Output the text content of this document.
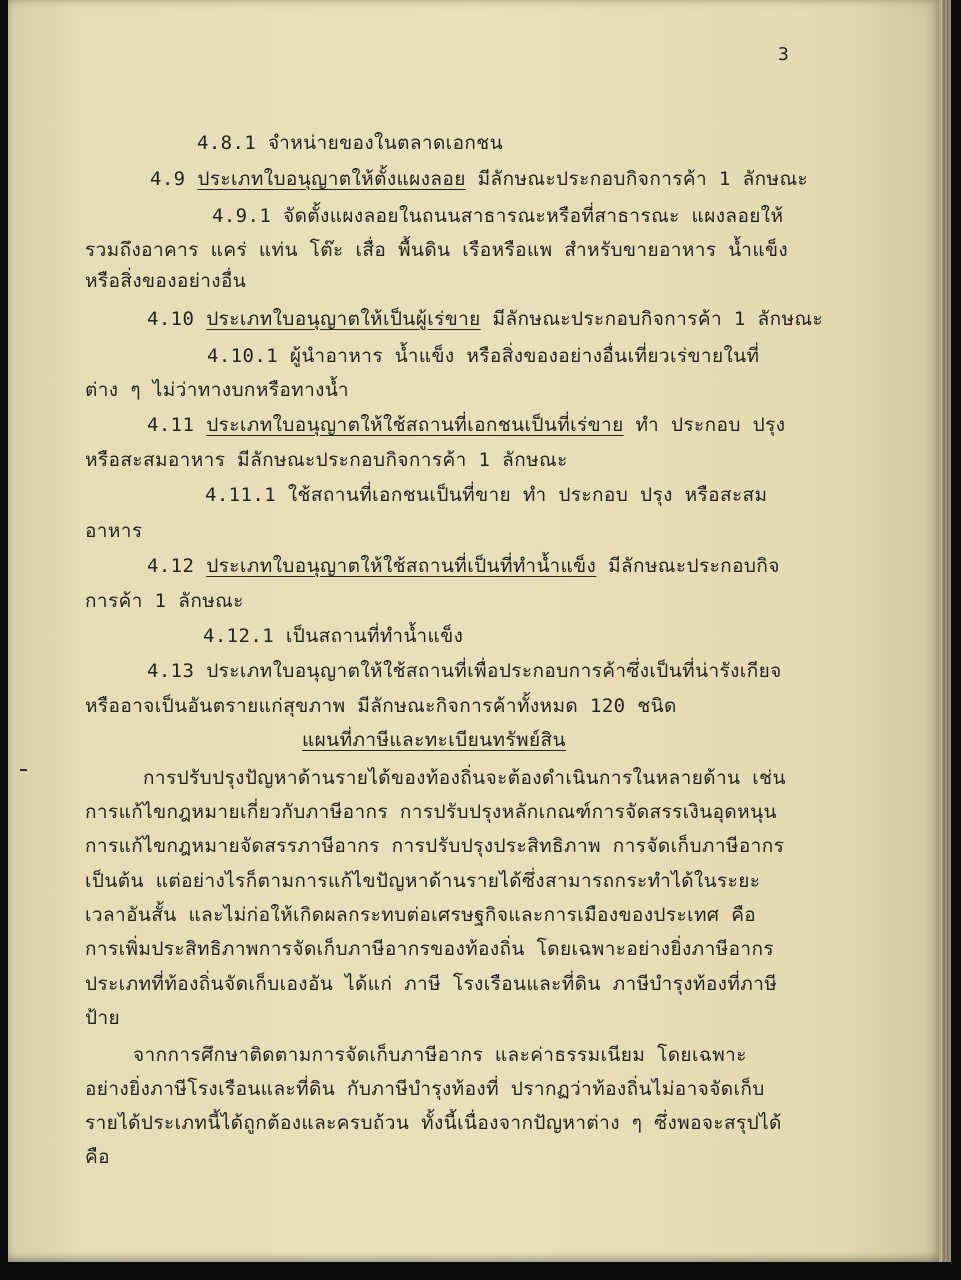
3
4.8.1 จำหน่ายของในตลาดเอกชน
4.9 ประเภทใบอนุญาตให้ตั้งแผงลอย มีลักษณะประกอบกิจการค้า 1 ลักษณะ
4.9.1 จัดตั้งแผงลอยในถนนสาธารณะหรือที่สาธารณะ แผงลอยให้
รวมถึงอาคาร แคร่ แท่น โต๊ะ เสื่อ พื้นดิน เรือหรือแพ สำหรับขายอาหาร น้ำแข็ง
หรือสิ่งของอย่างอื่น
4.10 ประเภทใบอนุญาตให้เป็นผู้เร่ขาย มีลักษณะประกอบกิจการค้า 1 ลักษณะ
4.10.1 ผู้นำอาหาร น้ำแข็ง หรือสิ่งของอย่างอื่นเที่ยวเร่ขายในที่
ต่าง ๆ ไม่ว่าทางบกหรือทางน้ำ
4.11 ประเภทใบอนุญาตให้ใช้สถานที่เอกชนเป็นที่เร่ขาย ทำ ประกอบ ปรุง
หรือสะสมอาหาร มีลักษณะประกอบกิจการค้า 1 ลักษณะ
4.11.1 ใช้สถานที่เอกชนเป็นที่ขาย ทำ ประกอบ ปรุง หรือสะสม
อาหาร
4.12 ประเภทใบอนุญาตให้ใช้สถานที่เป็นที่ทำน้ำแข็ง มีลักษณะประกอบกิจ
การค้า 1 ลักษณะ
4.12.1 เป็นสถานที่ทำน้ำแข็ง
4.13 ประเภทใบอนุญาตให้ใช้สถานที่เพื่อประกอบการค้าซึ่งเป็นที่น่ารังเกียจ
หรืออาจเป็นอันตรายแก่สุขภาพ มีลักษณะกิจการค้าทั้งหมด 120 ชนิด
แผนที่ภาษีและทะเบียนทรัพย์สิน
การปรับปรุงปัญหาด้านรายได้ของท้องถิ่นจะต้องดำเนินการในหลายด้าน เช่น
การแก้ไขกฎหมายเกี่ยวกับภาษีอากร การปรับปรุงหลักเกณฑ์การจัดสรรเงินอุดหนุน
การแก้ไขกฎหมายจัดสรรภาษีอากร การปรับปรุงประสิทธิภาพ การจัดเก็บภาษีอากร
เป็นต้น แต่อย่างไรก็ตามการแก้ไขปัญหาด้านรายได้ซึ่งสามารถกระทำได้ในระยะ
เวลาอันสั้น และไม่ก่อให้เกิดผลกระทบต่อเศรษฐกิจและการเมืองของประเทศ คือ
การเพิ่มประสิทธิภาพการจัดเก็บภาษีอากรของท้องถิ่น โดยเฉพาะอย่างยิ่งภาษีอากร
ประเภทที่ท้องถิ่นจัดเก็บเองอัน ได้แก่ ภาษี โรงเรือนและที่ดิน ภาษีบำรุงท้องที่ภาษี
ป้าย
จากการศึกษาติดตามการจัดเก็บภาษีอากร และค่าธรรมเนียม โดยเฉพาะ
อย่างยิ่งภาษีโรงเรือนและที่ดิน กับภาษีบำรุงท้องที่ ปรากฏว่าท้องถิ่นไม่อาจจัดเก็บ
รายได้ประเภทนี้ได้ถูกต้องและครบถ้วน ทั้งนี้เนื่องจากปัญหาต่าง ๆ ซึ่งพอจะสรุปได้
คือ
